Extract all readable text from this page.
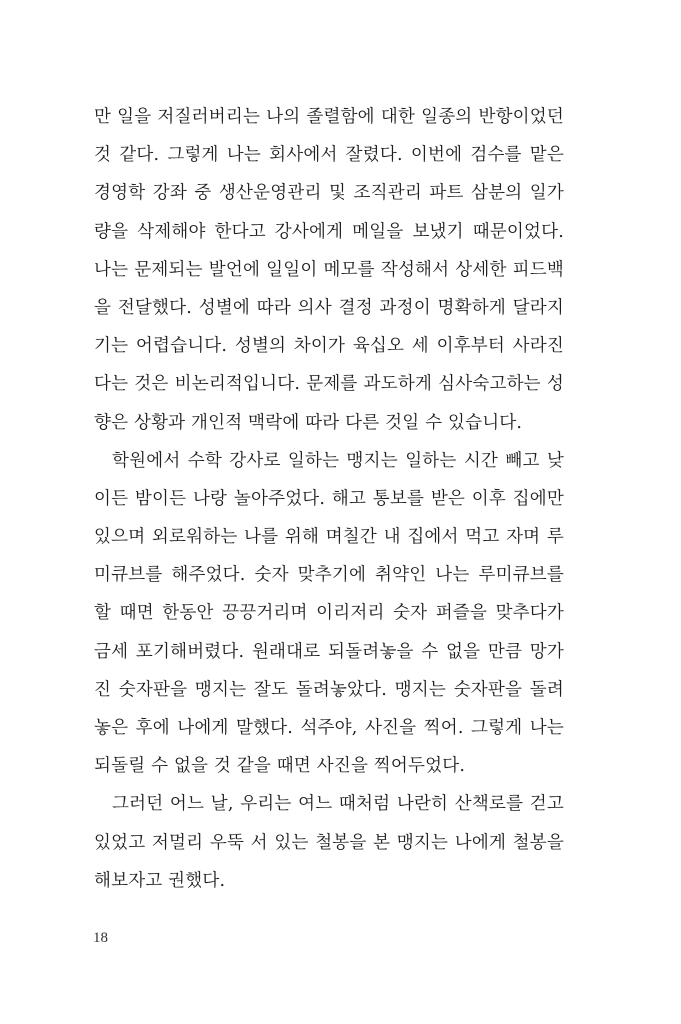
만 일을 저질러버리는 나의 졸렬함에 대한 일종의 반항이었던
것 같다. 그렇게 나는 회사에서 잘렸다. 이번에 검수를 맡은
경영학 강좌 중 생산운영관리 및 조직관리 파트 삼분의 일가
량을 삭제해야 한다고 강사에게 메일을 보냈기 때문이었다.
나는 문제되는 발언에 일일이 메모를 작성해서 상세한 피드백
을 전달했다. 성별에 따라 의사 결정 과정이 명확하게 달라지
기는 어렵습니다. 성별의 차이가 육십오 세 이후부터 사라진
다는 것은 비논리적입니다. 문제를 과도하게 심사숙고하는 성
향은 상황과 개인적 맥락에 따라 다른 것일 수 있습니다.
학원에서 수학 강사로 일하는 맹지는 일하는 시간 빼고 낮
이든 밤이든 나랑 놀아주었다. 해고 통보를 받은 이후 집에만
있으며 외로워하는 나를 위해 며칠간 내 집에서 먹고 자며 루
미큐브를 해주었다. 숫자 맞추기에 취약인 나는 루미큐브를
할 때면 한동안 끙끙거리며 이리저리 숫자 퍼즐을 맞추다가
금세 포기해버렸다. 원래대로 되돌려놓을 수 없을 만큼 망가
진 숫자판을 맹지는 잘도 돌려놓았다. 맹지는 숫자판을 돌려
놓은 후에 나에게 말했다. 석주야, 사진을 찍어. 그렇게 나는
되돌릴 수 없을 것 같을 때면 사진을 찍어두었다.
그러던 어느 날, 우리는 여느 때처럼 나란히 산책로를 걷고
있었고 저멀리 우뚝 서 있는 철봉을 본 맹지는 나에게 철봉을
해보자고 권했다.
18
